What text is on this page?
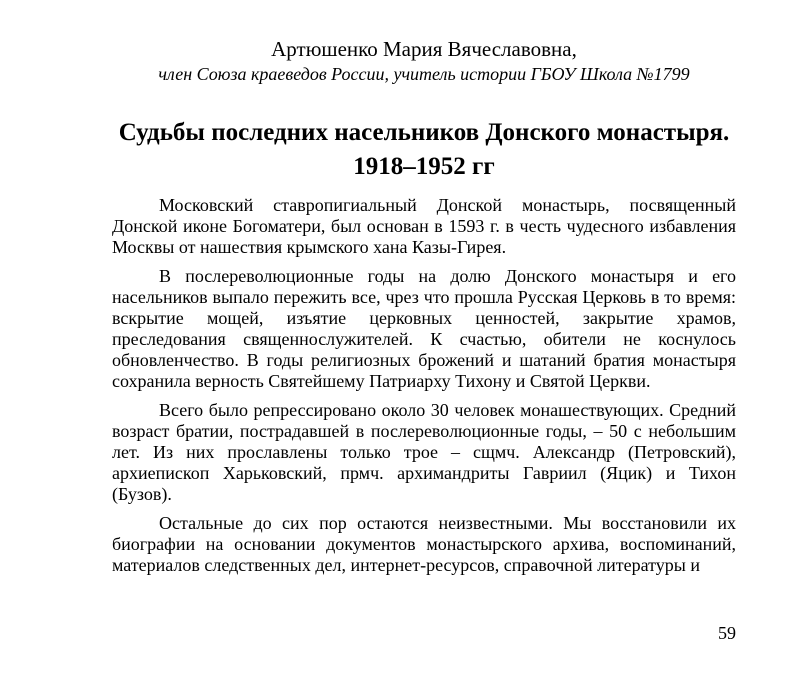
Артюшенко Мария Вячеславовна,
член Союза краеведов России, учитель истории ГБОУ Школа №1799
Судьбы последних насельников Донского монастыря. 1918–1952 гг

Московский ставропигиальный Донской монастырь, посвященный Донской иконе Богоматери, был основан в 1593 г. в честь чудесного избавления Москвы от нашествия крымского хана Казы-Гирея.

В послереволюционные годы на долю Донского монастыря и его насельников выпало пережить все, чрез что прошла Русская Церковь в то время: вскрытие мощей, изъятие церковных ценностей, закрытие храмов, преследования священнослужителей. К счастью, обители не коснулось обновленчество. В годы религиозных брожений и шатаний братия монастыря сохранила верность Святейшему Патриарху Тихону и Святой Церкви.

Всего было репрессировано около 30 человек монашествующих. Средний возраст братии, пострадавшей в послереволюционные годы, – 50 с небольшим лет. Из них прославлены только трое – сщмч. Александр (Петровский), архиепископ Харьковский, прмч. архимандриты Гавриил (Яцик) и Тихон (Бузов).

Остальные до сих пор остаются неизвестными. Мы восстановили их биографии на основании документов монастырского архива, воспоминаний, материалов следственных дел, интернет-ресурсов, справочной литературы и

59
